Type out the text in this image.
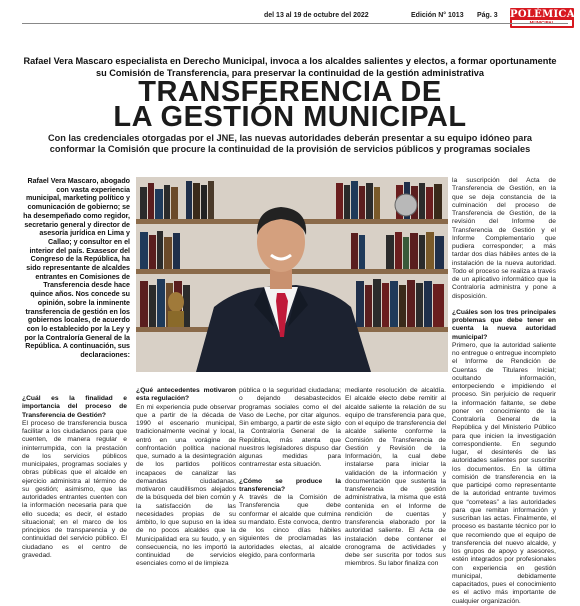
del 13 al 19 de octubre del 2022	Edición N° 1013 Pág. 3 POLÉMICA
Rafael Vera Mascaro especialista en Derecho Municipal, invoca a los alcaldes salientes y electos, a formar oportunamente su Comisión de Transferencia, para preservar la continuidad de la gestión administrativa
TRANSFERENCIA DE
LA GESTIÓN MUNICIPAL
Con las credenciales otorgadas por el JNE, las nuevas autoridades deberán presentar a su equipo idóneo para conformar la Comisión que procure la continuidad de la provisión de servicios públicos y programas sociales
Rafael Vera Mascaro, abogado con vasta experiencia municipal, marketing político y comunicación de gobierno; se ha desempeñado como regidor, secretario general y director de asesoría jurídica en Lima y Callao; y consultor en el interior del país. Exasesor del Congreso de la República, ha sido representante de alcaldes entrantes en Comisiones de Transferencia desde hace quince años. Nos concede su opinión, sobre la inminente transferencia de gestión en los gobiernos locales, de acuerdo con lo establecido por la Ley y por la Contraloría General de la República. A continuación, sus declaraciones:
¿Cuál es la finalidad e importancia del proceso de Transferencia de Gestión?
El proceso de transferencia busca facilitar a los ciudadanos para que cuenten, de manera regular e ininterrumpida, con la prestación de los servicios públicos municipales, programas sociales y obras públicas que el alcalde en ejercicio administra al término de su gestión; asimismo, que las autoridades entrantes cuenten con la información necesaria para que ello suceda; es decir, el estado situacional; en el marco de los principios de transparencia y de continuidad del servicio público. El ciudadano es el centro de gravedad.
¿Qué antecedentes motivaron esta regulación?
En mi experiencia pude observar que a partir de la década de 1990 el escenario municipal, tradicionalmente vecinal y local, entró en una vorágine de confrontación política nacional que, sumado a la desintegración de los partidos políticos incapaces de canalizar las demandas ciudadanas, motivaron caudillismos alejados de la búsqueda del bien común y la satisfacción de las necesidades propias de su ámbito, lo que supuso en la idea de no pocos alcaldes que la Municipalidad era su feudo, y en consecuencia, no les importó la continuidad de servicios esenciales como el de limpieza
pública o la seguridad ciudadana; o dejando desabastecidos programas sociales como el del Vaso de Leche, por citar algunos. Sin embargo, a partir de este siglo la Contraloría General de la República, más atenta que nuestros legisladores dispuso dar algunas medidas para contrarrestar esta situación.
¿Cómo se produce la transferencia?
A través de la Comisión de Transferencia que debe conformar el alcalde que culmina su mandato. Este convoca, dentro de los cinco días hábiles siguientes de proclamadas las autoridades electas, al alcalde elegido, para conformarla
mediante resolución de alcaldía. El alcalde electo debe remitir al alcalde saliente la relación de su equipo de transferencia para que, con el equipo de transferencia del alcalde saliente conforme la Comisión de Transferencia de Gestión y Revisión de la Información, la cual debe instalarse para iniciar la validación de la información y documentación que sustenta la transferencia de gestión administrativa, la misma que está contenida en el Informe de rendición de cuentas y transferencia elaborado por la autoridad saliente. El Acta de instalación debe contener el cronograma de actividades y debe ser suscrita por todos sus miembros. Su labor finaliza con
la suscripción del Acta de Transferencia de Gestión, en la que se deja constancia de la culminación del proceso de Transferencia de Gestión, de la revisión del Informe de Transferencia de Gestión y el Informe Complementario que pudiera corresponder; a más tardar dos días hábiles antes de la instalación de la nueva autoridad. Todo el proceso se realiza a través de un aplicativo informático que la Contraloría administra y pone a disposición.
¿Cuáles son los tres principales problemas que debe tener en cuenta la nueva autoridad municipal?
Primero, que la autoridad saliente no entregue o entregue incompleto el Informe de Rendición de Cuentas de Titulares Inicial; ocultando información, entorpeciendo e impidiendo el proceso. Sin perjuicio de requerir la información faltante, se debe poner en conocimiento de la Contraloría General de la República y del Ministerio Público para que inicien la investigación correspondiente. En segundo lugar, el desinterés de las autoridades salientes por suscribir los documentos. En la última comisión de transferencia en la que participé como representante de la autoridad entrante tuvimos que “correteas” a las autoridades para que remitan información y suscriban las actas. Finalmente, el proceso es bastante técnico por lo que recomiendo que el equipo de transferencia del nuevo alcalde, y los grupos de apoyo y asesores, estén integrados por profesionales con experiencia en gestión municipal, debidamente capacitados, pues el conocimiento es el activo más importante de cualquier organización.
